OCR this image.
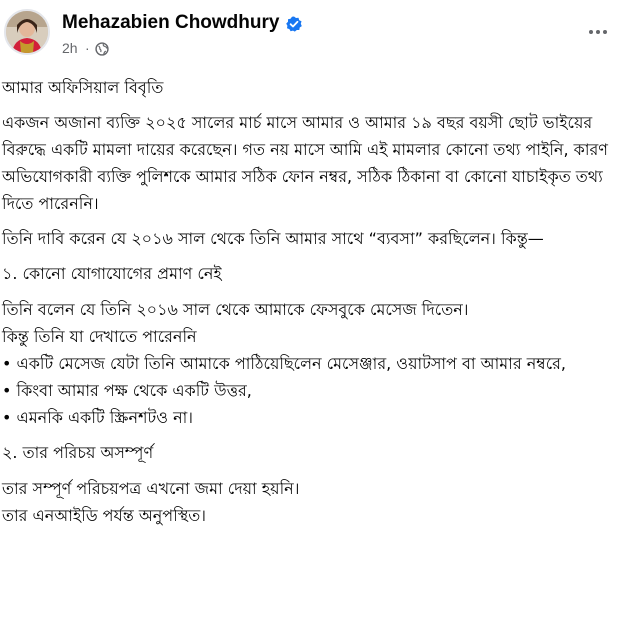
Mehazabien Chowdhury
2h ·

আমার অফিসিয়াল বিবৃতি

একজন অজানা ব্যক্তি ২০২৫ সালের মার্চ মাসে আমার ও আমার ১৯ বছর বয়সী ছোট ভাইয়ের বিরুদ্ধে একটি মামলা দায়ের করেছেন। গত নয় মাসে আমি এই মামলার কোনো তথ্য পাইনি, কারণ অভিযোগকারী ব্যক্তি পুলিশকে আমার সঠিক ফোন নম্বর, সঠিক ঠিকানা বা কোনো যাচাইকৃত তথ্য দিতে পারেননি।

তিনি দাবি করেন যে ২০১৬ সাল থেকে তিনি আমার সাথে “ব্যবসা” করছিলেন। কিন্তু—

১. কোনো যোগাযোগের প্রমাণ নেই

তিনি বলেন যে তিনি ২০১৬ সাল থেকে আমাকে ফেসবুকে মেসেজ দিতেন।

কিন্তু তিনি যা দেখাতে পারেননি

• একটি মেসেজ যেটা তিনি আমাকে পাঠিয়েছিলেন মেসেঞ্জার, ওয়াটসাপ বা আমার নম্বরে,

• কিংবা আমার পক্ষ থেকে একটি উত্তর,

• এমনকি একটি স্ক্রিনশটও না।

২. তার পরিচয় অসম্পূর্ণ

তার সম্পূর্ণ পরিচয়পত্র এখনো জমা দেয়া হয়নি।

তার এনআইডি পর্যন্ত অনুপস্থিত।
